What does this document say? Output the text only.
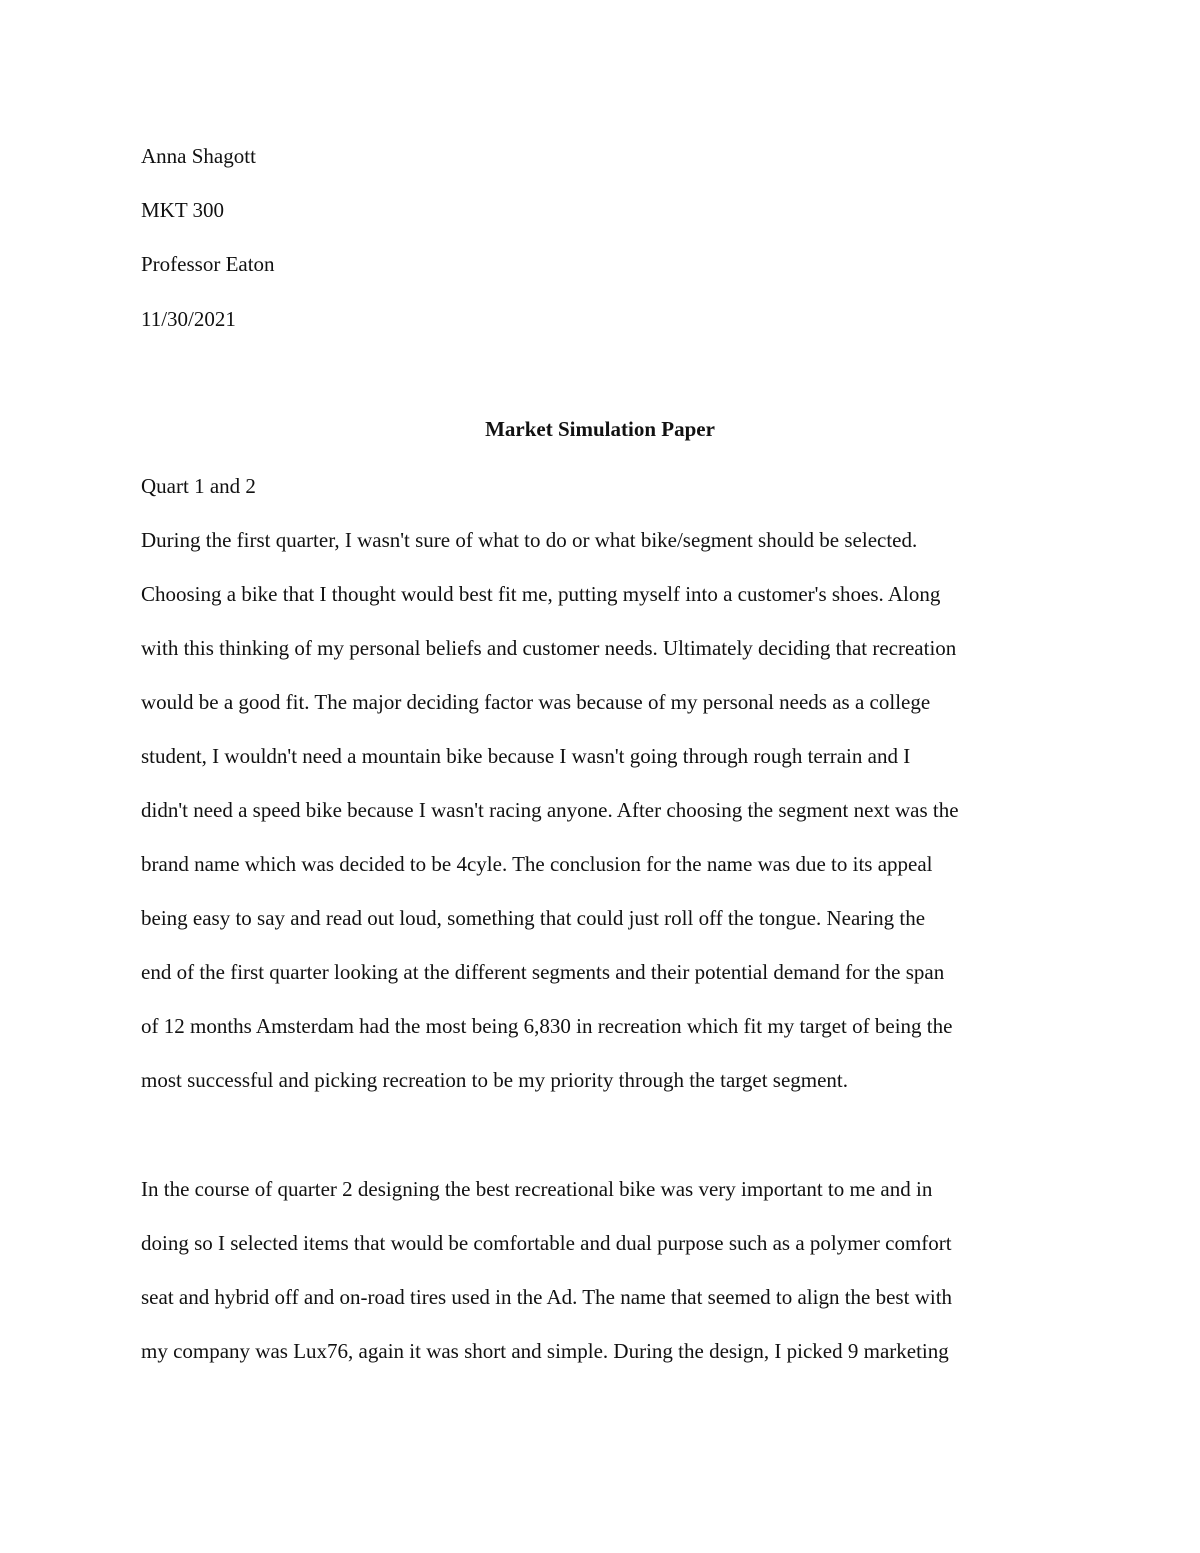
Anna Shagott
MKT 300
Professor Eaton
11/30/2021
Market Simulation Paper
Quart 1 and 2
During the first quarter, I wasn't sure of what to do or what bike/segment should be selected.
Choosing a bike that I thought would best fit me, putting myself into a customer's shoes. Along
with this thinking of my personal beliefs and customer needs. Ultimately deciding that recreation
would be a good fit. The major deciding factor was because of my personal needs as a college
student, I wouldn't need a mountain bike because I wasn't going through rough terrain and I
didn't need a speed bike because I wasn't racing anyone. After choosing the segment next was the
brand name which was decided to be 4cyle. The conclusion for the name was due to its appeal
being easy to say and read out loud, something that could just roll off the tongue. Nearing the
end of the first quarter looking at the different segments and their potential demand for the span
of 12 months Amsterdam had the most being 6,830 in recreation which fit my target of being the
most successful and picking recreation to be my priority through the target segment.
In the course of quarter 2 designing the best recreational bike was very important to me and in
doing so I selected items that would be comfortable and dual purpose such as a polymer comfort
seat and hybrid off and on-road tires used in the Ad. The name that seemed to align the best with
my company was Lux76, again it was short and simple. During the design, I picked 9 marketing
